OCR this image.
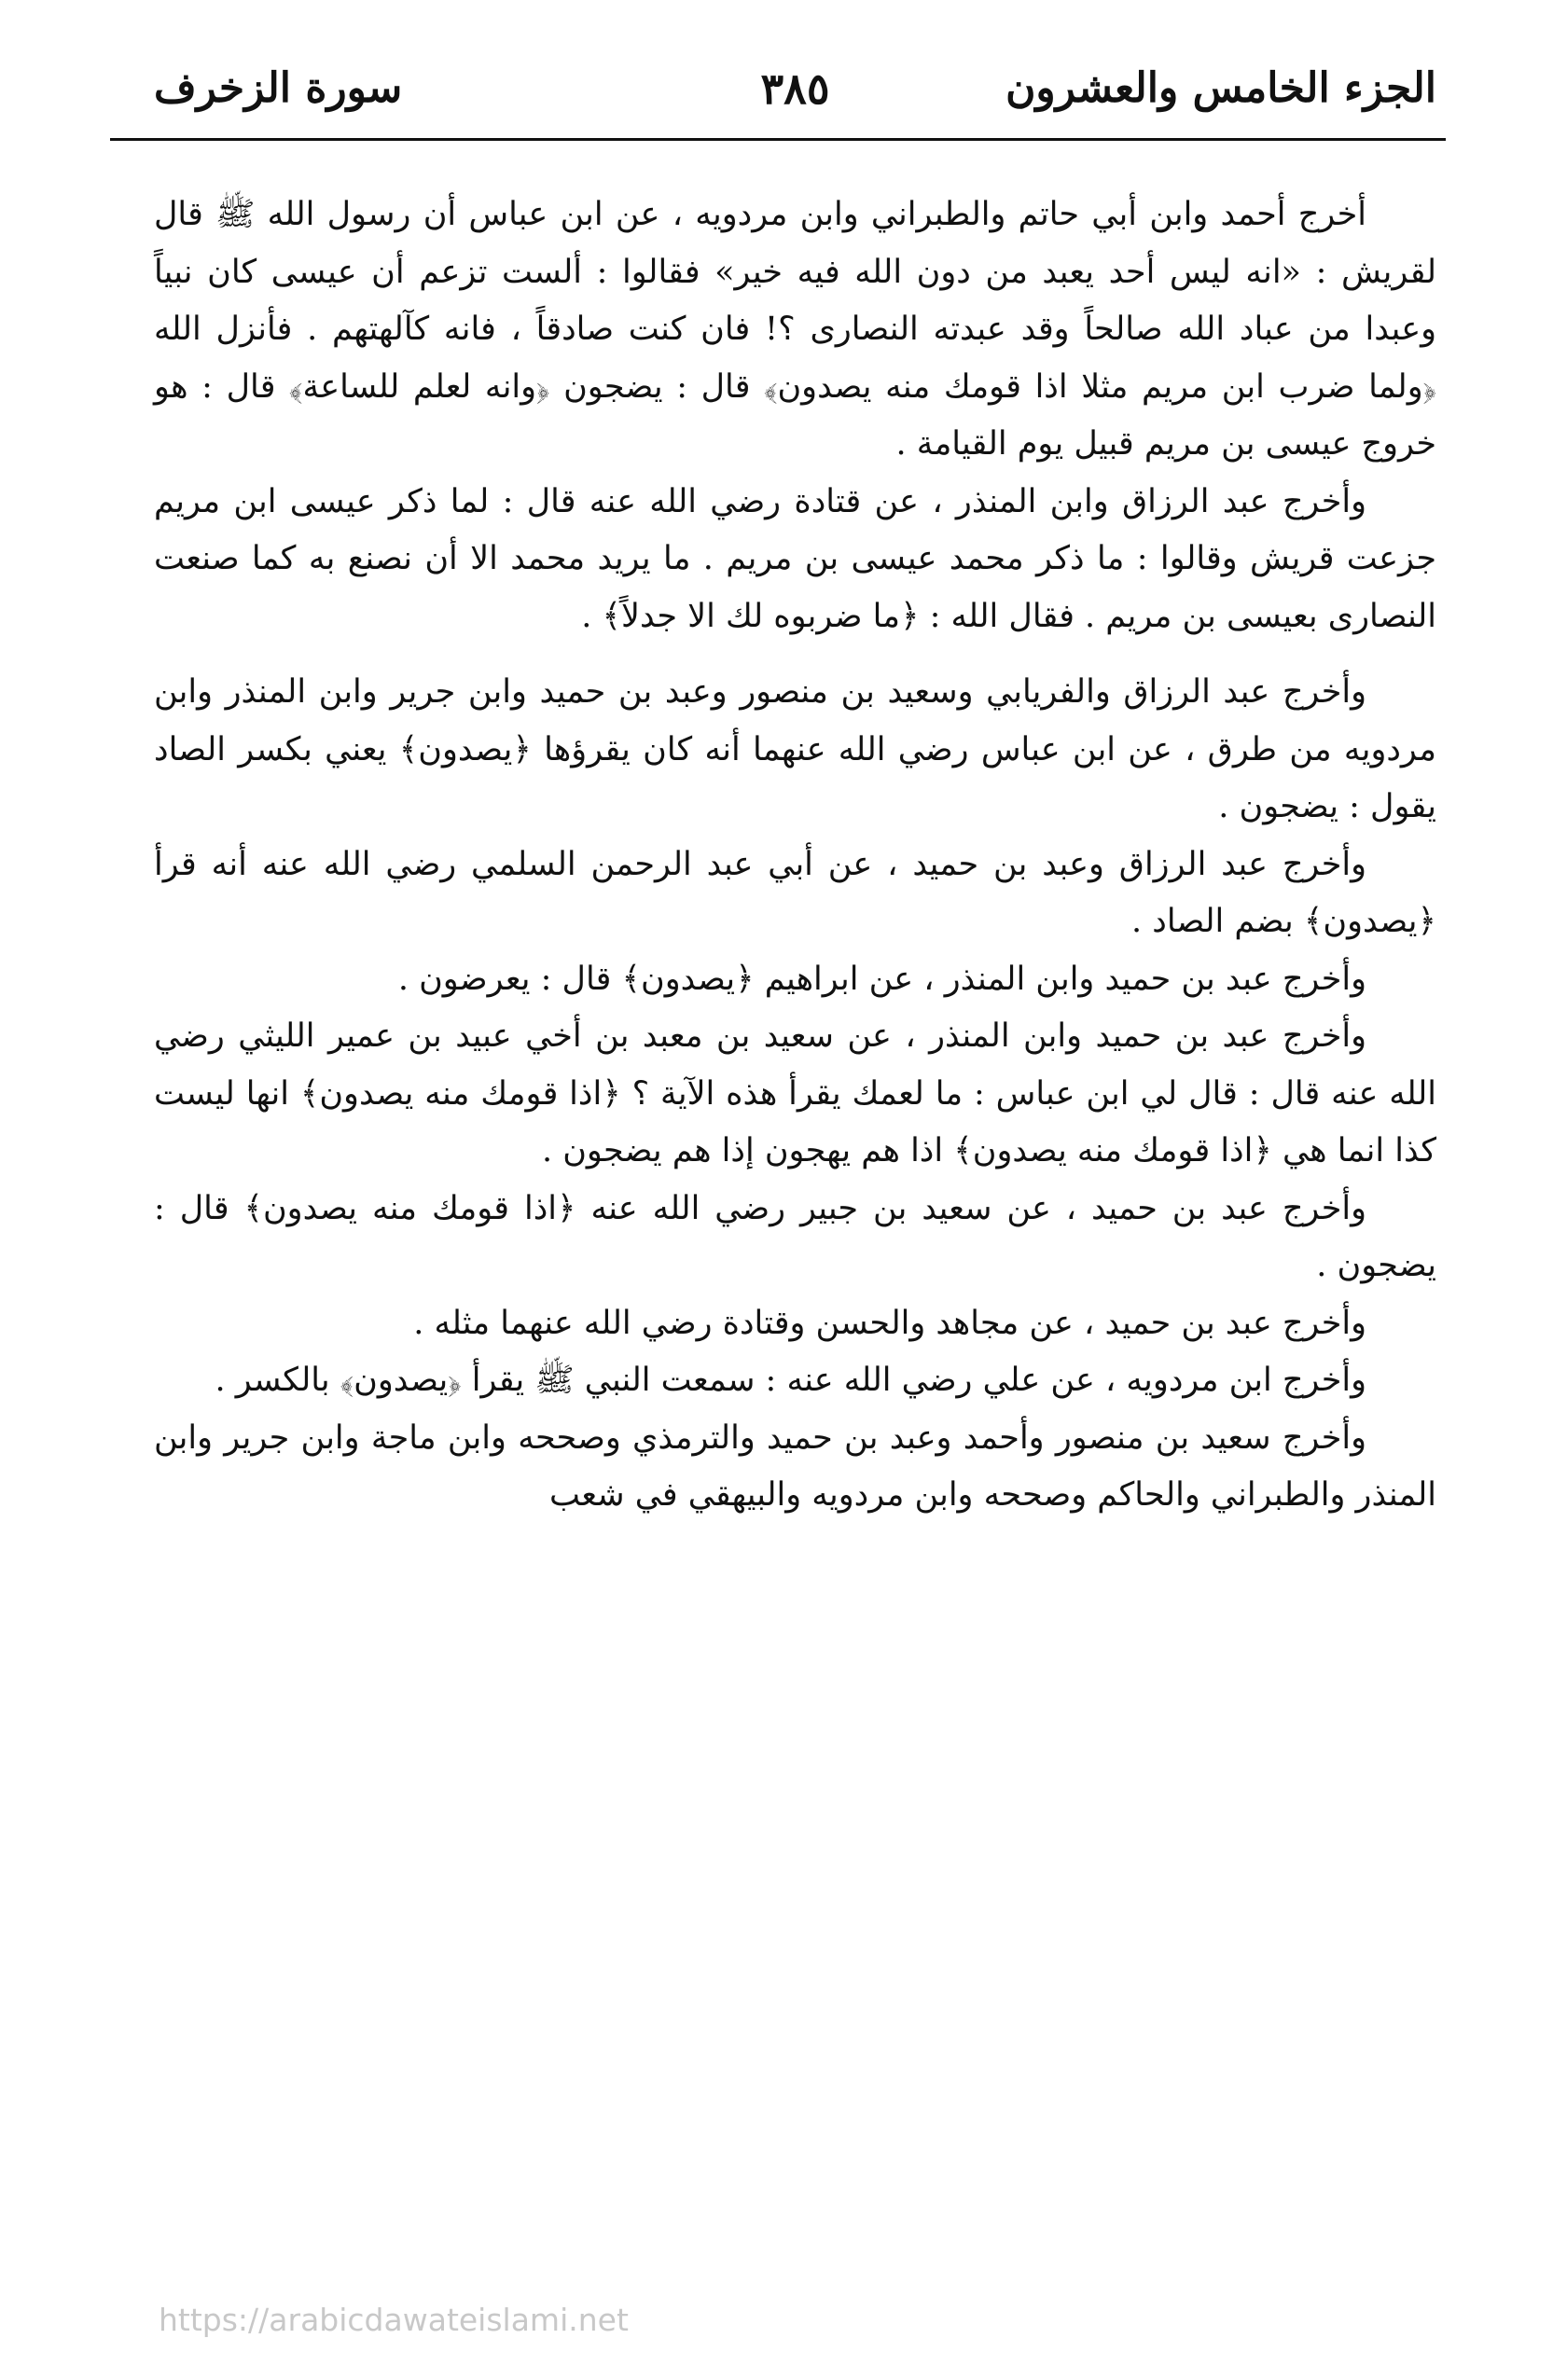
الجزء الخامس والعشرون
٣٨٥
سورة الزخرف

أخرج أحمد وابن أبي حاتم والطبراني وابن مردويه ، عن ابن عباس أن رسول الله ﷺ قال لقريش : «انه ليس أحد يعبد من دون الله فيه خير» فقالوا : ألست تزعم أن عيسى كان نبياً وعبدا من عباد الله صالحاً وقد عبدته النصارى ؟! فان كنت صادقاً ، فانه كآلهتهم . فأنزل الله ﴿ولما ضرب ابن مريم مثلا اذا قومك منه يصدون﴾ قال : يضجون ﴿وانه لعلم للساعة﴾ قال : هو خروج عيسى بن مريم قبيل يوم القيامة .

وأخرج عبد الرزاق وابن المنذر ، عن قتادة رضي الله عنه قال : لما ذكر عيسى ابن مريم جزعت قريش وقالوا : ما ذكر محمد عيسى بن مريم . ما يريد محمد الا أن نصنع به كما صنعت النصارى بعيسى بن مريم . فقال الله : ﴿ما ضربوه لك الا جدلاً﴾ .

وأخرج عبد الرزاق والفريابي وسعيد بن منصور وعبد بن حميد وابن جرير وابن المنذر وابن مردويه من طرق ، عن ابن عباس رضي الله عنهما أنه كان يقرؤها ﴿يصدون﴾ يعني بكسر الصاد يقول : يضجون .

وأخرج عبد الرزاق وعبد بن حميد ، عن أبي عبد الرحمن السلمي رضي الله عنه أنه قرأ ﴿يصدون﴾ بضم الصاد .

وأخرج عبد بن حميد وابن المنذر ، عن ابراهيم ﴿يصدون﴾ قال : يعرضون .

وأخرج عبد بن حميد وابن المنذر ، عن سعيد بن معبد بن أخي عبيد بن عمير الليثي رضي الله عنه قال : قال لي ابن عباس : ما لعمك يقرأ هذه الآية ؟ ﴿اذا قومك منه يصدون﴾ انها ليست كذا انما هي ﴿اذا قومك منه يصدون﴾ اذا هم يهجون إذا هم يضجون .

وأخرج عبد بن حميد ، عن سعيد بن جبير رضي الله عنه ﴿اذا قومك منه يصدون﴾ قال : يضجون .

وأخرج عبد بن حميد ، عن مجاهد والحسن وقتادة رضي الله عنهما مثله .

وأخرج ابن مردويه ، عن علي رضي الله عنه : سمعت النبي ﷺ يقرأ ﴿يصدون﴾ بالكسر .

وأخرج سعيد بن منصور وأحمد وعبد بن حميد والترمذي وصححه وابن ماجة وابن جرير وابن المنذر والطبراني والحاكم وصححه وابن مردويه والبيهقي في شعب

https://arabicdawateislami.net
